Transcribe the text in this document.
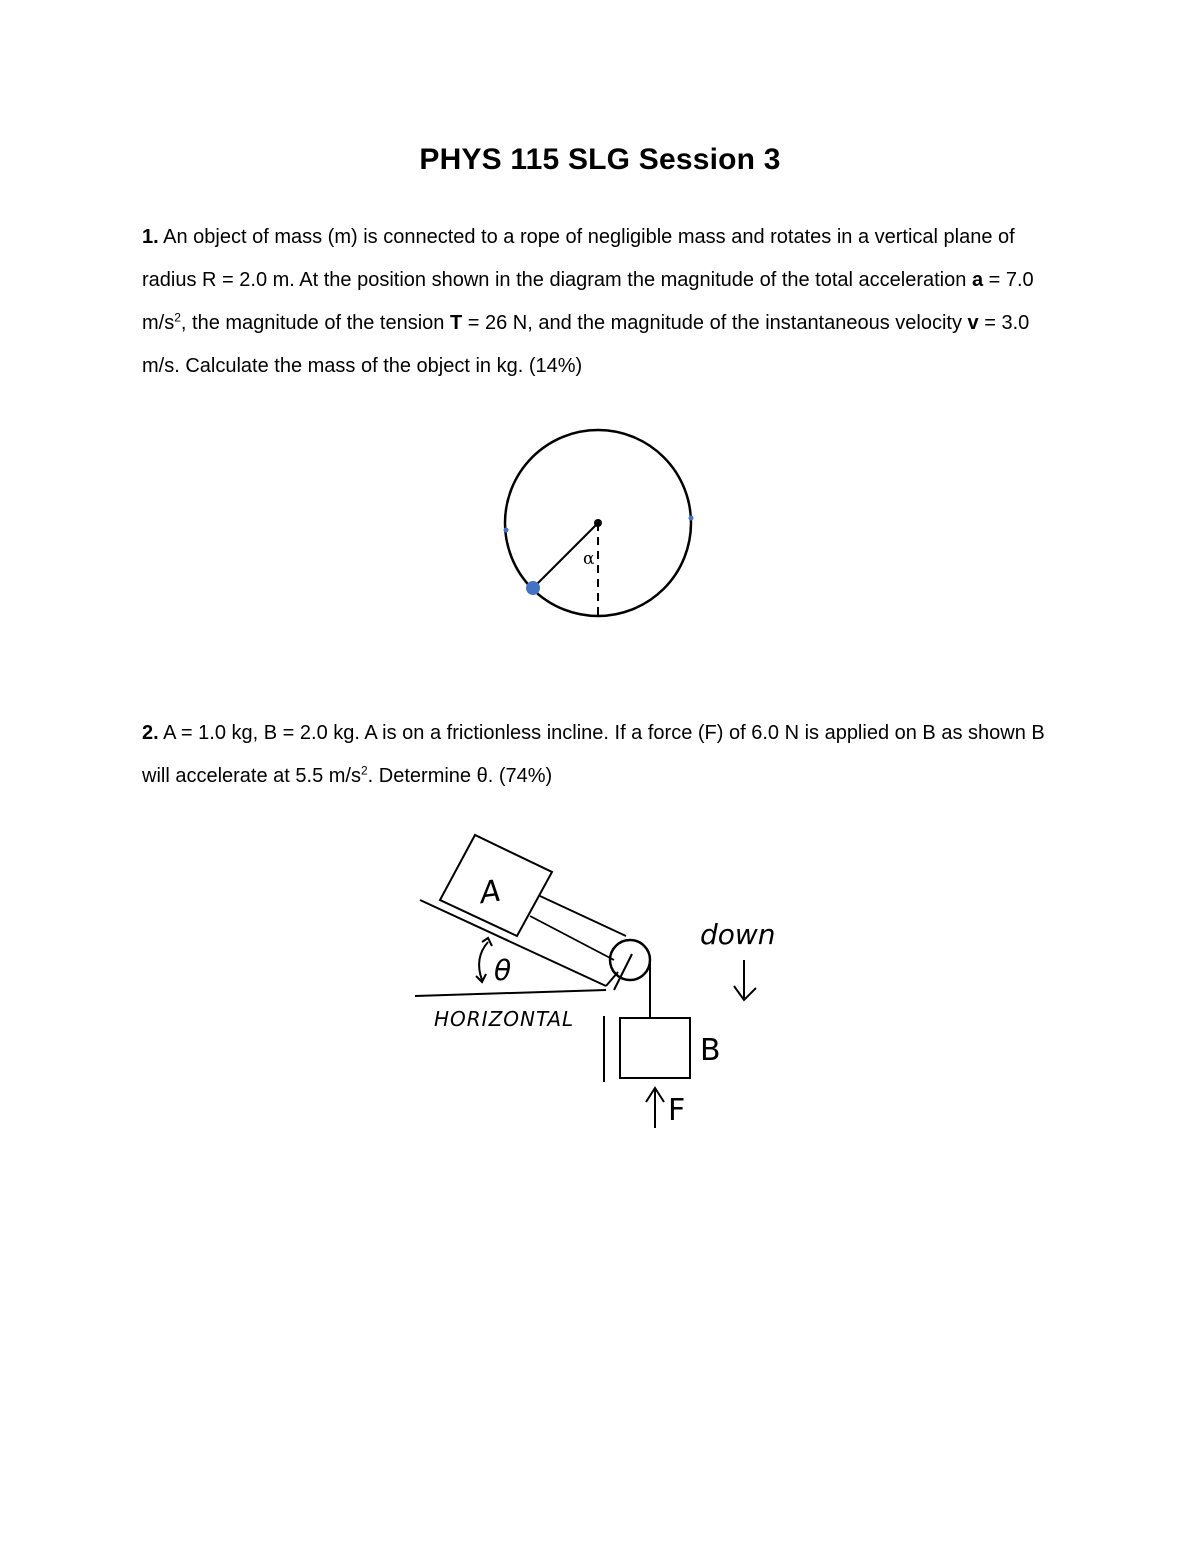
PHYS 115 SLG Session 3
1. An object of mass (m) is connected to a rope of negligible mass and rotates in a vertical plane of radius R = 2.0 m. At the position shown in the diagram the magnitude of the total acceleration a = 7.0 $m/s^2$, the magnitude of the tension T = 26 N, and the magnitude of the instantaneous velocity v = 3.0 m/s. Calculate the mass of the object in kg. (14%)
α
2. A = 1.0 kg, B = 2.0 kg. A is on a frictionless incline. If a force (F) of 6.0 N is applied on B as shown B will accelerate at 5.5 $m/s^2$. Determine θ. (74%)
A
B
θ
HORIZONTAL
down
F
